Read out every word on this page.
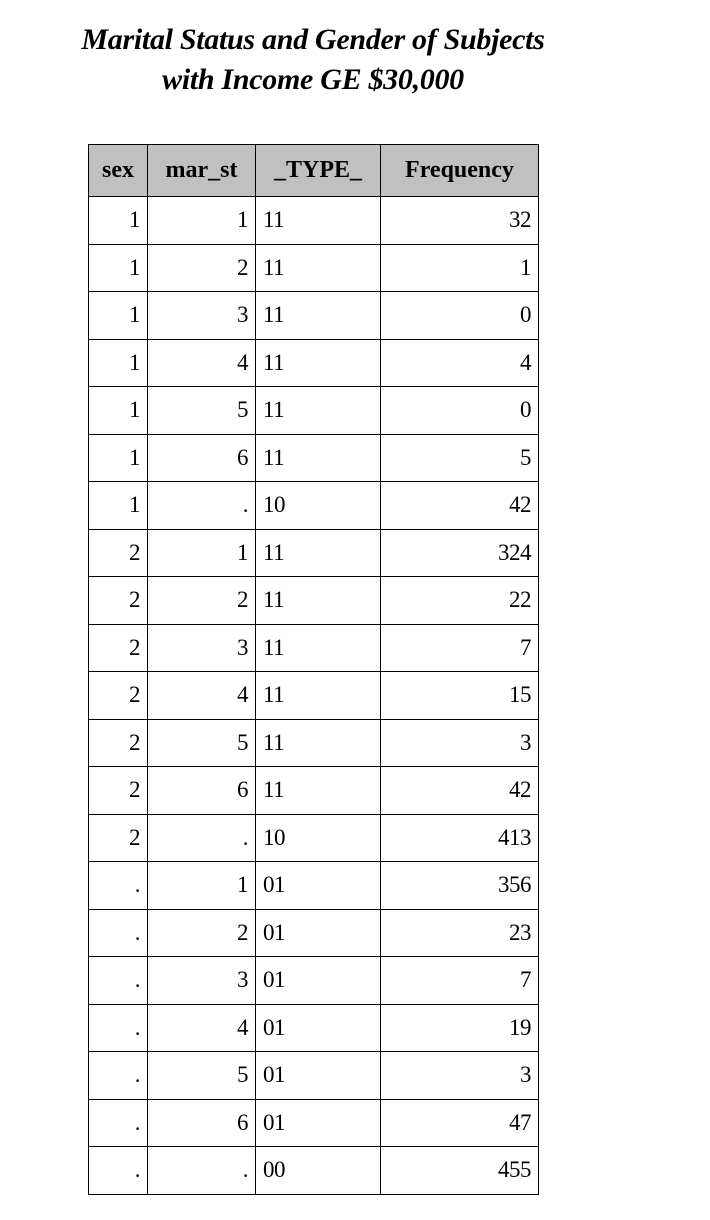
Marital Status and Gender of Subjects
with Income GE $30,000
sex	mar_st	_TYPE_	Frequency
1	1	11	32
1	2	11	1
1	3	11	0
1	4	11	4
1	5	11	0
1	6	11	5
1	.	10	42
2	1	11	324
2	2	11	22
2	3	11	7
2	4	11	15
2	5	11	3
2	6	11	42
2	.	10	413
.	1	01	356
.	2	01	23
.	3	01	7
.	4	01	19
.	5	01	3
.	6	01	47
.	.	00	455
